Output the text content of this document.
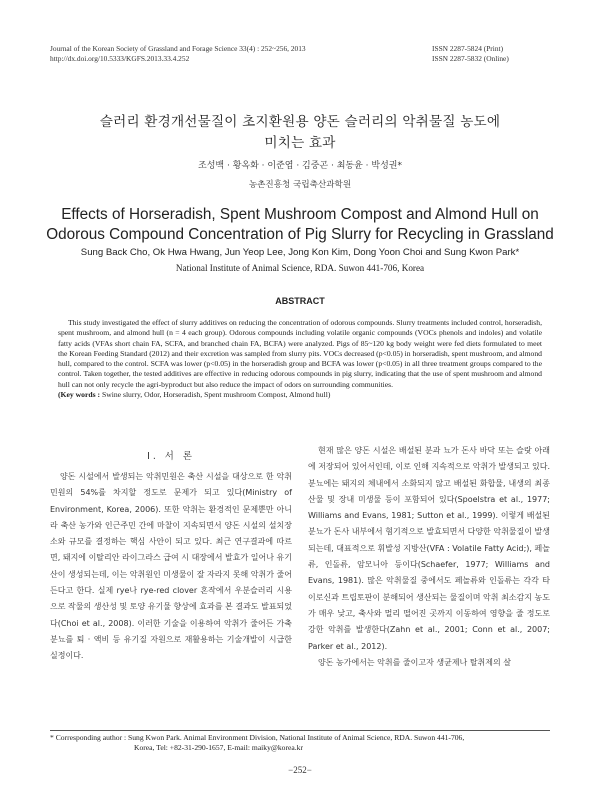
Journal of the Korean Society of Grassland and Forage Science 33(4) : 252~256, 2013
http://dx.doi.org/10.5333/KGFS.2013.33.4.252
ISSN 2287-5824 (Print)
ISSN 2287-5832 (Online)
슬러리 환경개선물질이 초지환원용 양돈 슬러리의 악취물질 농도에
미치는 효과
조성백 · 황옥화 · 이준엽 · 김중곤 · 최동윤 · 박성권*
농촌진흥청 국립축산과학원
Effects of Horseradish, Spent Mushroom Compost and Almond Hull on
Odorous Compound Concentration of Pig Slurry for Recycling in Grassland
Sung Back Cho, Ok Hwa Hwang, Jun Yeop Lee, Jong Kon Kim, Dong Yoon Choi and Sung Kwon Park*
National Institute of Animal Science, RDA. Suwon 441-706, Korea
ABSTRACT

This study investigated the effect of slurry additives on reducing the concentration of odorous compounds. Slurry treatments included control, horseradish, spent mushroom, and almond hull (n = 4 each group). Odorous compounds including volatile organic compounds (VOCs phenols and indoles) and volatile fatty acids (VFAs short chain FA, SCFA, and branched chain FA, BCFA) were analyzed. Pigs of 85~120 kg body weight were fed diets formulated to meet the Korean Feeding Standard (2012) and their excretion was sampled from slurry pits. VOCs decreased (p<0.05) in horseradish, spent mushroom, and almond hull, compared to the control. SCFA was lower (p<0.05) in the horseradish group and BCFA was lower (p<0.05) in all three treatment groups compared to the control. Taken together, the tested additives are effective in reducing odorous compounds in pig slurry, indicating that the use of spent mushroom and almond hull can not only recycle the agri-byproduct but also reduce the impact of odors on surrounding communities.

(Key words : Swine slurry, Odor, Horseradish, Spent mushroom Compost, Almond hull)
Ⅰ. 서 론

양돈 시설에서 발생되는 악취민원은 축산 시설을 대상으로 한 악취 민원의 54%를 차지할 정도로 문제가 되고 있다(Ministry of Environment, Korea, 2006). 또한 악취는 환경적인 문제뿐만 아니라 축산 농가와 인근주민 간에 마찰이 지속되면서 양돈 시설의 설치장소와 규모를 결정하는 핵심 사안이 되고 있다. 최근 연구결과에 따르면, 돼지에 이탈리안 라이그라스 급여 시 대장에서 발효가 일어나 유기산이 생성되는데, 이는 악취원인 미생물이 잘 자라지 못해 악취가 줄어든다고 한다. 실제 rye나 rye-red clover 혼작에서 우분슬러리 시용으로 작물의 생산성 및 토양 유기물 향상에 효과를 본 결과도 발표되었다(Choi et al., 2008). 이러한 기술을 이용하여 악취가 줄어든 가축분뇨를 퇴 · 액비 등 유기질 자원으로 재활용하는 기술개발이 시급한 실정이다.

현재 많은 양돈 시설은 배설된 분과 뇨가 돈사 바닥 또는 슬랏 아래에 저장되어 있어서인데, 이로 인해 지속적으로 악취가 발생되고 있다. 분뇨에는 돼지의 체내에서 소화되지 않고 배설된 화합물, 내생의 최종 산물 및 장내 미생물 등이 포함되어 있다(Spoelstra et al., 1977; Williams and Evans, 1981; Sutton et al., 1999). 이렇게 배설된 분뇨가 돈사 내부에서 혐기적으로 발효되면서 다양한 악취물질이 발생되는데, 대표적으로 휘발성 지방산(VFA : Volatile Fatty Acid;), 페놀류, 인돌류, 암모니아 등이다(Schaefer, 1977; Williams and Evans, 1981). 많은 악취물질 중에서도 페놀류와 인돌류는 각각 타이로신과 트립토판이 분해되어 생산되는 물질이며 악취 최소감지 농도가 매우 낮고, 축사와 멀리 떨어진 곳까지 이동하여 영향을 줄 정도로 강한 악취를 발생한다(Zahn et al., 2001; Conn et al., 2007; Parker et al., 2012).

양돈 농가에서는 악취를 줄이고자 생균제나 탈취제의 살

* Corresponding author : Sung Kwon Park. Animal Environment Division, National Institute of Animal Science, RDA. Suwon 441-706,
Korea, Tel: +82-31-290-1657, E-mail: maiky@korea.kr
−252−
